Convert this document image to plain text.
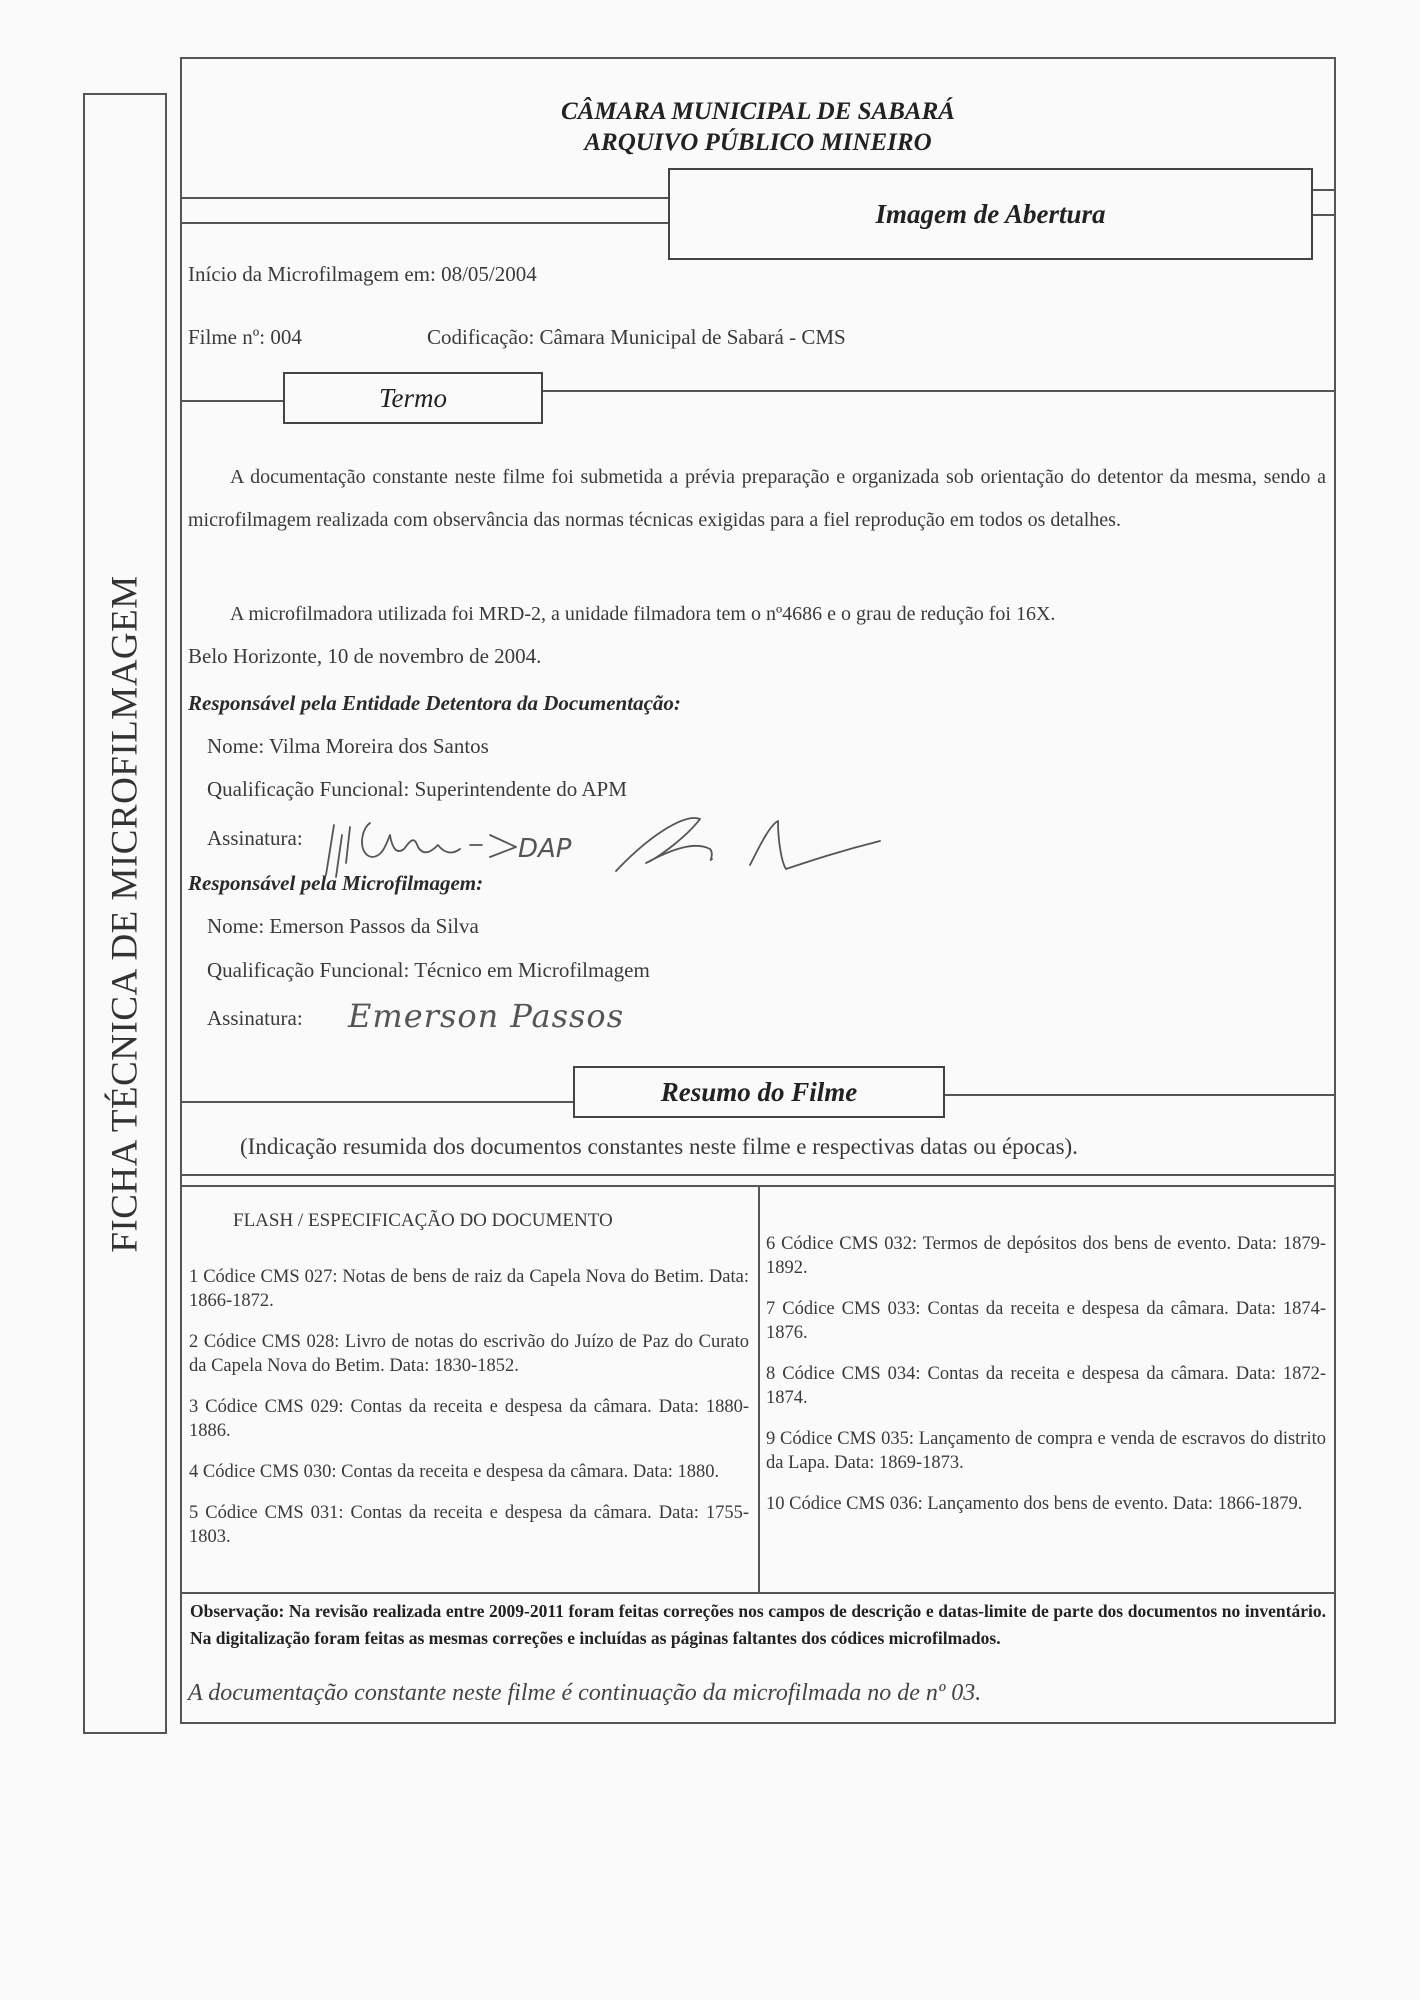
FICHA TÉCNICA DE MICROFILMAGEM
CÂMARA MUNICIPAL DE SABARÁ
ARQUIVO PÚBLICO MINEIRO
Imagem de Abertura
Início da Microfilmagem em: 08/05/2004
Filme nº: 004	Codificação: Câmara Municipal de Sabará - CMS
Termo
A documentação constante neste filme foi submetida a prévia preparação e organizada sob orientação do detentor da mesma, sendo a microfilmagem realizada com observância das normas técnicas exigidas para a fiel reprodução em todos os detalhes.
A microfilmadora utilizada foi MRD-2, a unidade filmadora tem o nº4686 e o grau de redução foi 16X.
Belo Horizonte, 10 de novembro de 2004.
Responsável pela Entidade Detentora da Documentação:
Nome: Vilma Moreira dos Santos
Qualificação Funcional: Superintendente do APM
Assinatura:	DAP
Responsável pela Microfilmagem:
Nome: Emerson Passos da Silva
Qualificação Funcional: Técnico em Microfilmagem
Assinatura: Emerson Passos
Resumo do Filme
(Indicação resumida dos documentos constantes neste filme e respectivas datas ou épocas).
FLASH / ESPECIFICAÇÃO DO DOCUMENTO

1 Códice CMS 027: Notas de bens de raiz da Capela Nova do Betim. Data: 1866-1872.

2 Códice CMS 028: Livro de notas do escrivão do Juízo de Paz do Curato da Capela Nova do Betim. Data: 1830-1852.

3 Códice CMS 029: Contas da receita e despesa da câmara. Data: 1880-1886.

4 Códice CMS 030: Contas da receita e despesa da câmara. Data: 1880.

5 Códice CMS 031: Contas da receita e despesa da câmara. Data: 1755-1803.

6 Códice CMS 032: Termos de depósitos dos bens de evento. Data: 1879-1892.

7 Códice CMS 033: Contas da receita e despesa da câmara. Data: 1874-1876.

8 Códice CMS 034: Contas da receita e despesa da câmara. Data: 1872-1874.

9 Códice CMS 035: Lançamento de compra e venda de escravos do distrito da Lapa. Data: 1869-1873.

10 Códice CMS 036: Lançamento dos bens de evento. Data: 1866-1879.

Observação: Na revisão realizada entre 2009-2011 foram feitas correções nos campos de descrição e datas-limite de parte dos documentos no inventário. Na digitalização foram feitas as mesmas correções e incluídas as páginas faltantes dos códices microfilmados.
A documentação constante neste filme é continuação da microfilmada no de nº 03.
